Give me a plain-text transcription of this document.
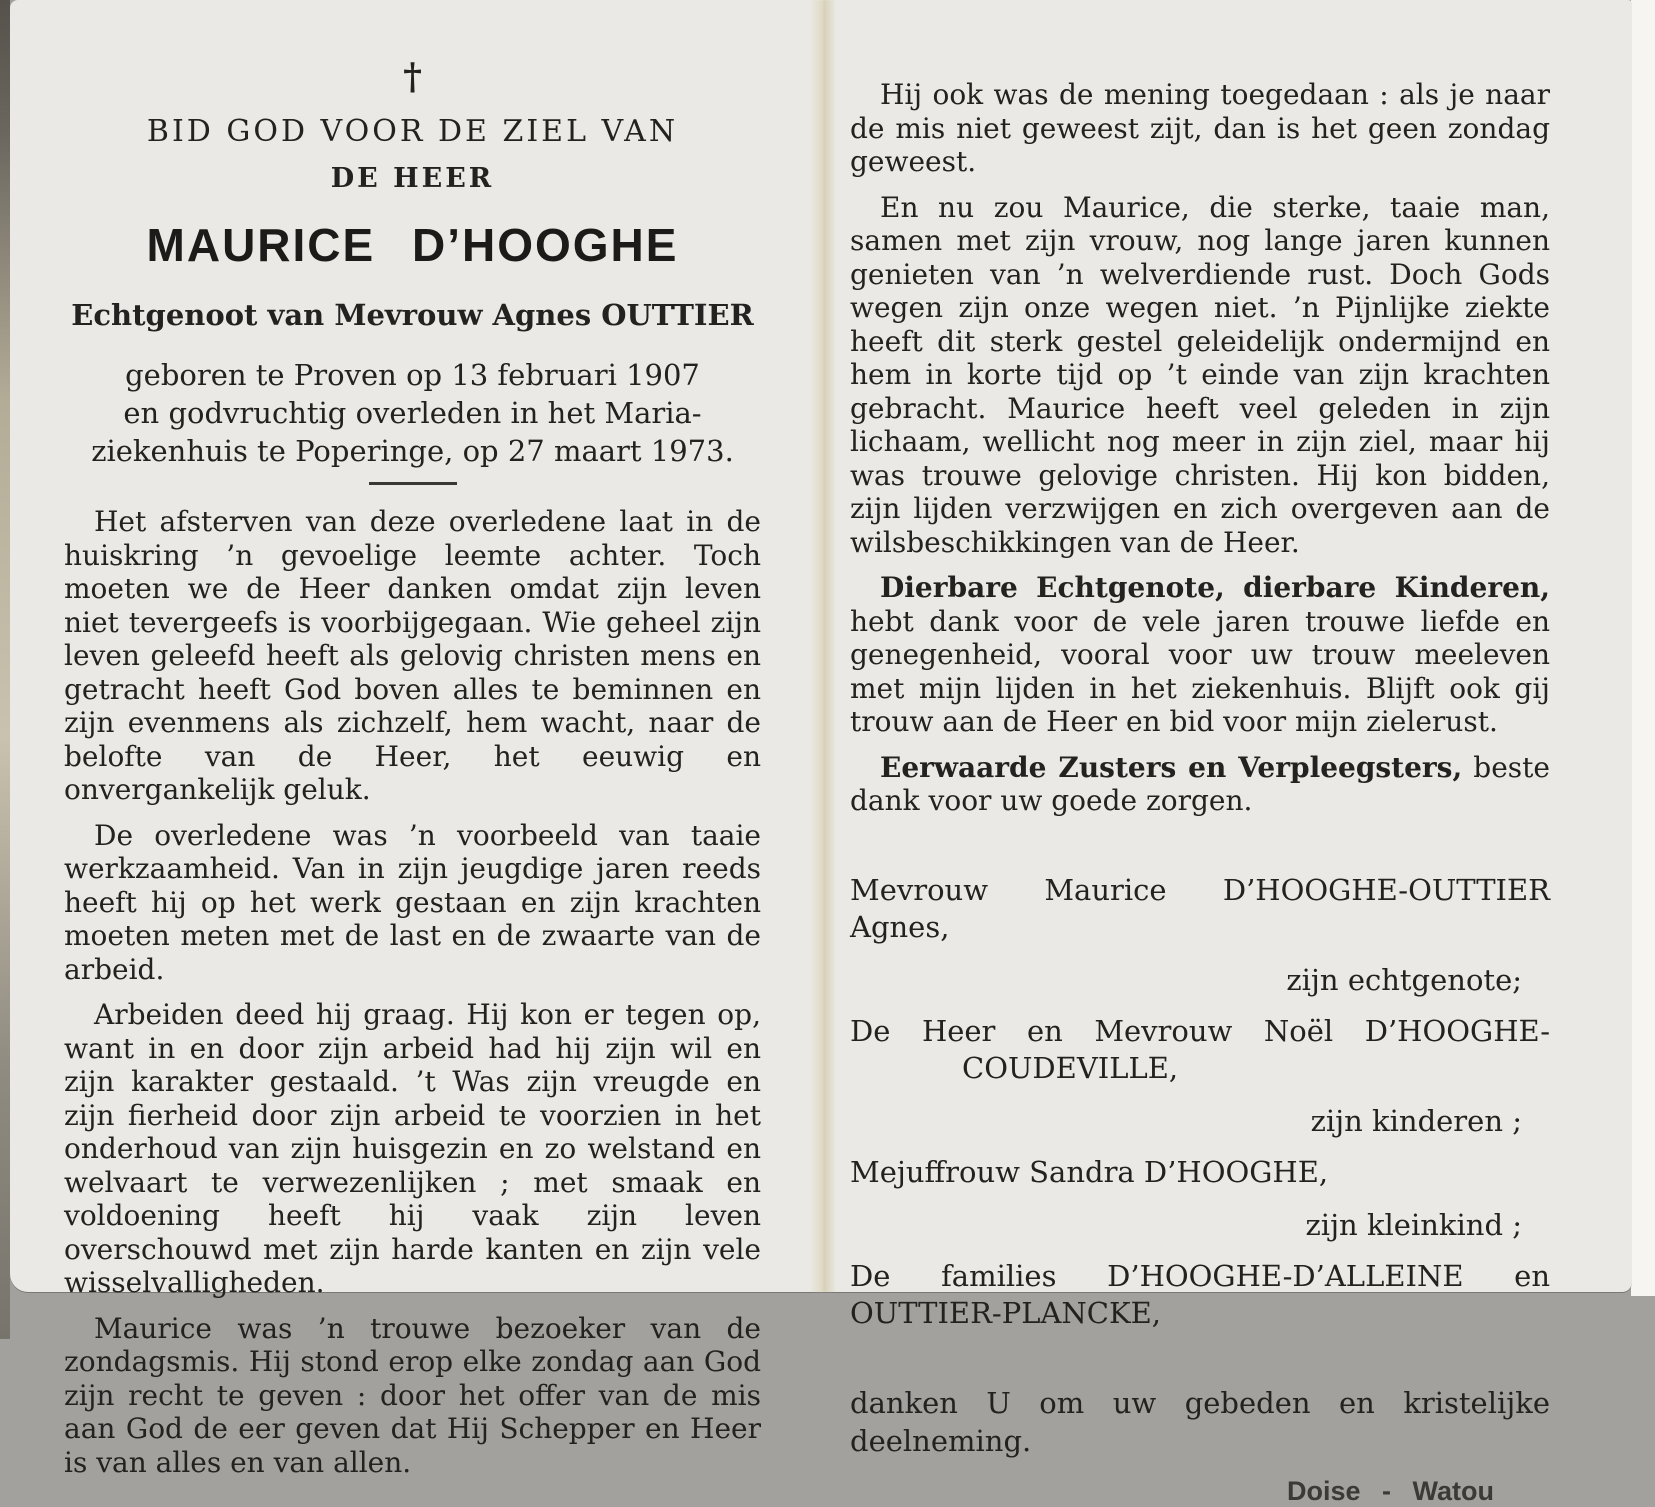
†
BID GOD VOOR DE ZIEL VAN
DE HEER
MAURICE D’HOOGHE
Echtgenoot van Mevrouw Agnes OUTTIER
geboren te Proven op 13 februari 1907
en godvruchtig overleden in het Maria-
ziekenhuis te Poperinge, op 27 maart 1973.
Het afsterven van deze overledene laat in de huiskring ’n gevoelige leemte achter. Toch moeten we de Heer danken omdat zijn leven niet tevergeefs is voorbijgegaan. Wie geheel zijn leven geleefd heeft als gelovig christen mens en getracht heeft God boven alles te beminnen en zijn evenmens als zichzelf, hem wacht, naar de belofte van de Heer, het eeuwig en onvergankelijk geluk.
De overledene was ’n voorbeeld van taaie werkzaamheid. Van in zijn jeugdige jaren reeds heeft hij op het werk gestaan en zijn krachten moeten meten met de last en de zwaarte van de arbeid.
Arbeiden deed hij graag. Hij kon er tegen op, want in en door zijn arbeid had hij zijn wil en zijn karakter gestaald. ’t Was zijn vreugde en zijn fierheid door zijn arbeid te voorzien in het onderhoud van zijn huisgezin en zo welstand en welvaart te verwezenlijken ; met smaak en voldoening heeft hij vaak zijn leven overschouwd met zijn harde kanten en zijn vele wisselvalligheden.
Maurice was ’n trouwe bezoeker van de zondagsmis. Hij stond erop elke zondag aan God zijn recht te geven : door het offer van de mis aan God de eer geven dat Hij Schepper en Heer is van alles en van allen.
Hij ook was de mening toegedaan : als je naar de mis niet geweest zijt, dan is het geen zondag geweest.
En nu zou Maurice, die sterke, taaie man, samen met zijn vrouw, nog lange jaren kunnen genieten van ’n welverdiende rust. Doch Gods wegen zijn onze wegen niet. ’n Pijnlijke ziekte heeft dit sterk gestel geleidelijk ondermijnd en hem in korte tijd op ’t einde van zijn krachten gebracht. Maurice heeft veel geleden in zijn lichaam, wellicht nog meer in zijn ziel, maar hij was trouwe gelovige christen. Hij kon bidden, zijn lijden verzwijgen en zich overgeven aan de wilsbeschikkingen van de Heer.
Dierbare Echtgenote, dierbare Kinderen, hebt dank voor de vele jaren trouwe liefde en genegenheid, vooral voor uw trouw meeleven met mijn lijden in het ziekenhuis. Blijft ook gij trouw aan de Heer en bid voor mijn zielerust.
Eerwaarde Zusters en Verpleegsters, beste dank voor uw goede zorgen.
Mevrouw Maurice D’HOOGHE-OUTTIER
Agnes,
zijn echtgenote;
De Heer en Mevrouw Noël D’HOOGHE-
COUDEVILLE,
zijn kinderen ;
Mejuffrouw Sandra D’HOOGHE,
zijn kleinkind ;
De families D’HOOGHE-D’ALLEINE en
OUTTIER-PLANCKE,
danken U om uw gebeden en kristelijke
deelneming.
Doise - Watou
